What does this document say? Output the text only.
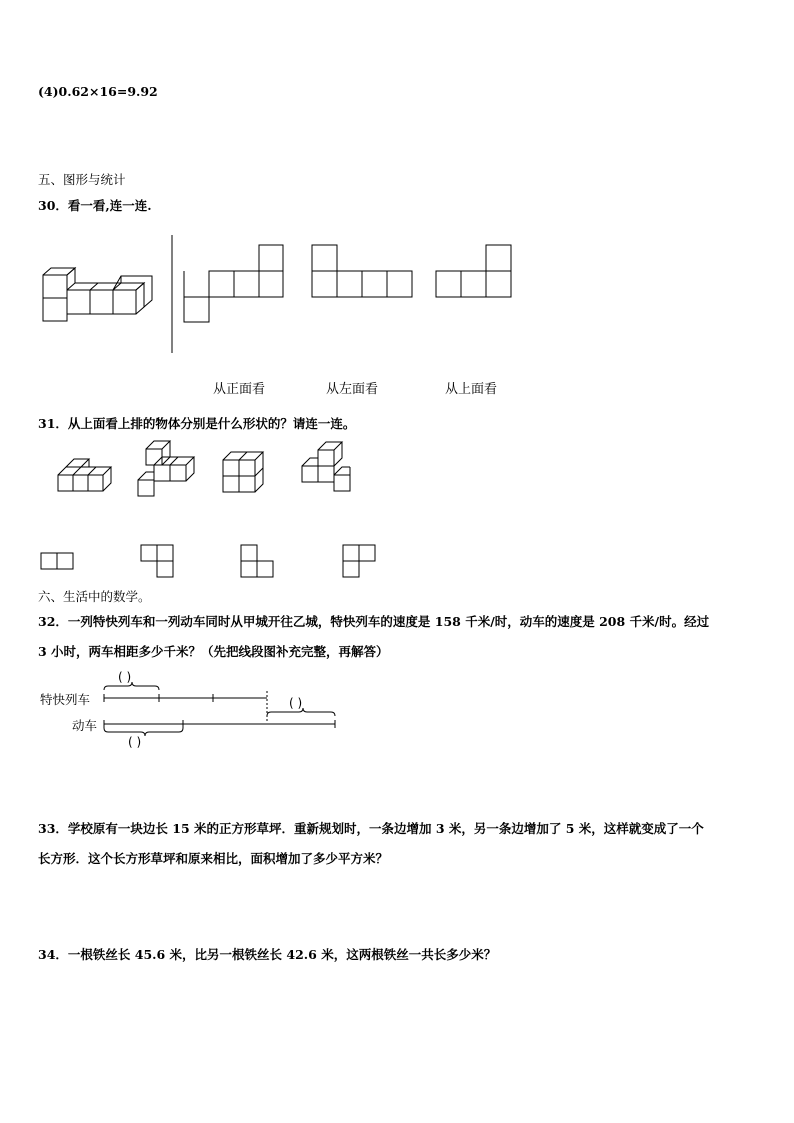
(4)0.62×16=9.92
五、图形与统计
30．看一看,连一连.
从正面看	从左面看	从上面看
31．从上面看上排的物体分别是什么形状的？请连一连。
六、生活中的数学。
32．一列特快列车和一列动车同时从甲城开往乙城，特快列车的速度是 158 千米/时，动车的速度是 208 千米/时。经过
3 小时，两车相距多少千米？（先把线段图补充完整，再解答）
特快列车
动车
( )
( )
( )
33．学校原有一块边长 15 米的正方形草坪．重新规划时，一条边增加 3 米，另一条边增加了 5 米，这样就变成了一个
长方形．这个长方形草坪和原来相比，面积增加了多少平方米？
34．一根铁丝长 45.6 米，比另一根铁丝长 42.6 米，这两根铁丝一共长多少米？
